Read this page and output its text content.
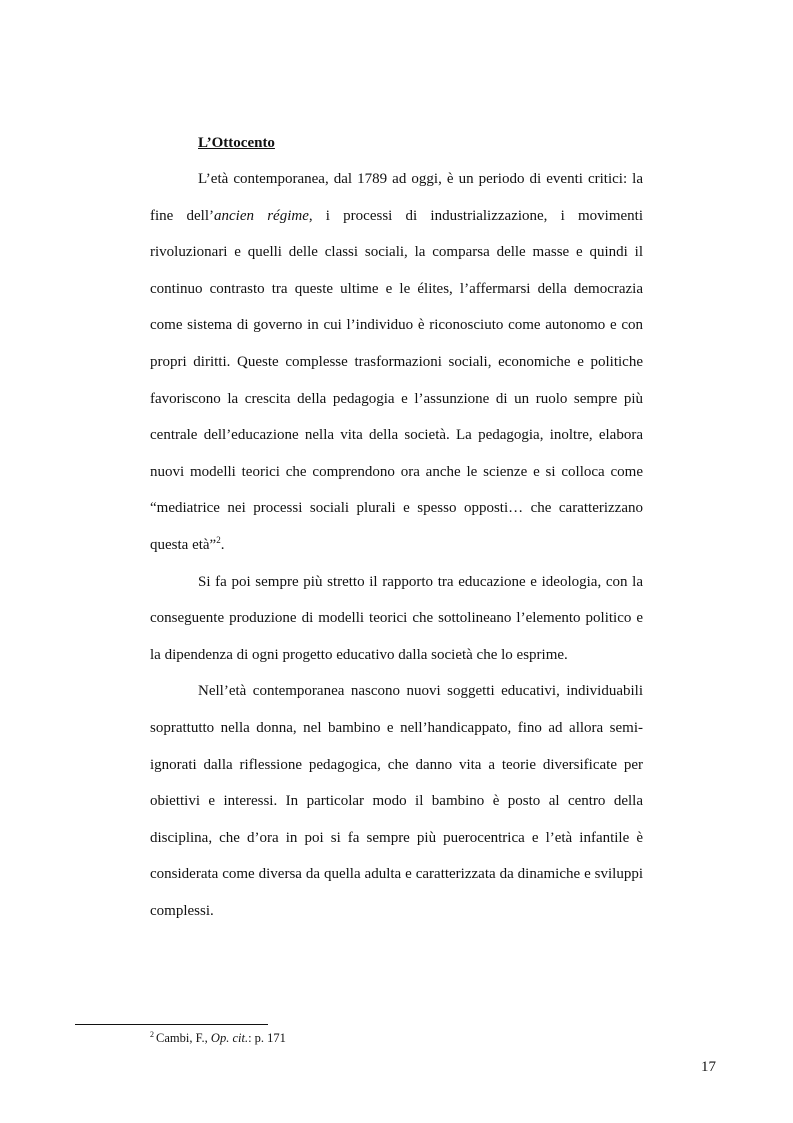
L’Ottocento

L’età contemporanea, dal 1789 ad oggi, è un periodo di eventi critici: la fine dell’ancien régime, i processi di industrializzazione, i movimenti rivoluzionari e quelli delle classi sociali, la comparsa delle masse e quindi il continuo contrasto tra queste ultime e le élites, l’affermarsi della democrazia come sistema di governo in cui l’individuo è riconosciuto come autonomo e con propri diritti. Queste complesse trasformazioni sociali, economiche e politiche favoriscono la crescita della pedagogia e l’assunzione di un ruolo sempre più centrale dell’educazione nella vita della società. La pedagogia, inoltre, elabora nuovi modelli teorici che comprendono ora anche le scienze e si colloca come “mediatrice nei processi sociali plurali e spesso opposti… che caratterizzano questa età”$^2$.

Si fa poi sempre più stretto il rapporto tra educazione e ideologia, con la conseguente produzione di modelli teorici che sottolineano l’elemento politico e la dipendenza di ogni progetto educativo dalla società che lo esprime.

Nell’età contemporanea nascono nuovi soggetti educativi, individuabili soprattutto nella donna, nel bambino e nell’handicappato, fino ad allora semi-ignorati dalla riflessione pedagogica, che danno vita a teorie diversificate per obiettivi e interessi. In particolar modo il bambino è posto al centro della disciplina, che d’ora in poi si fa sempre più puerocentrica e l’età infantile è considerata come diversa da quella adulta e caratterizzata da dinamiche e sviluppi complessi.

$^2$ Cambi, F., Op. cit.: p. 171
17
